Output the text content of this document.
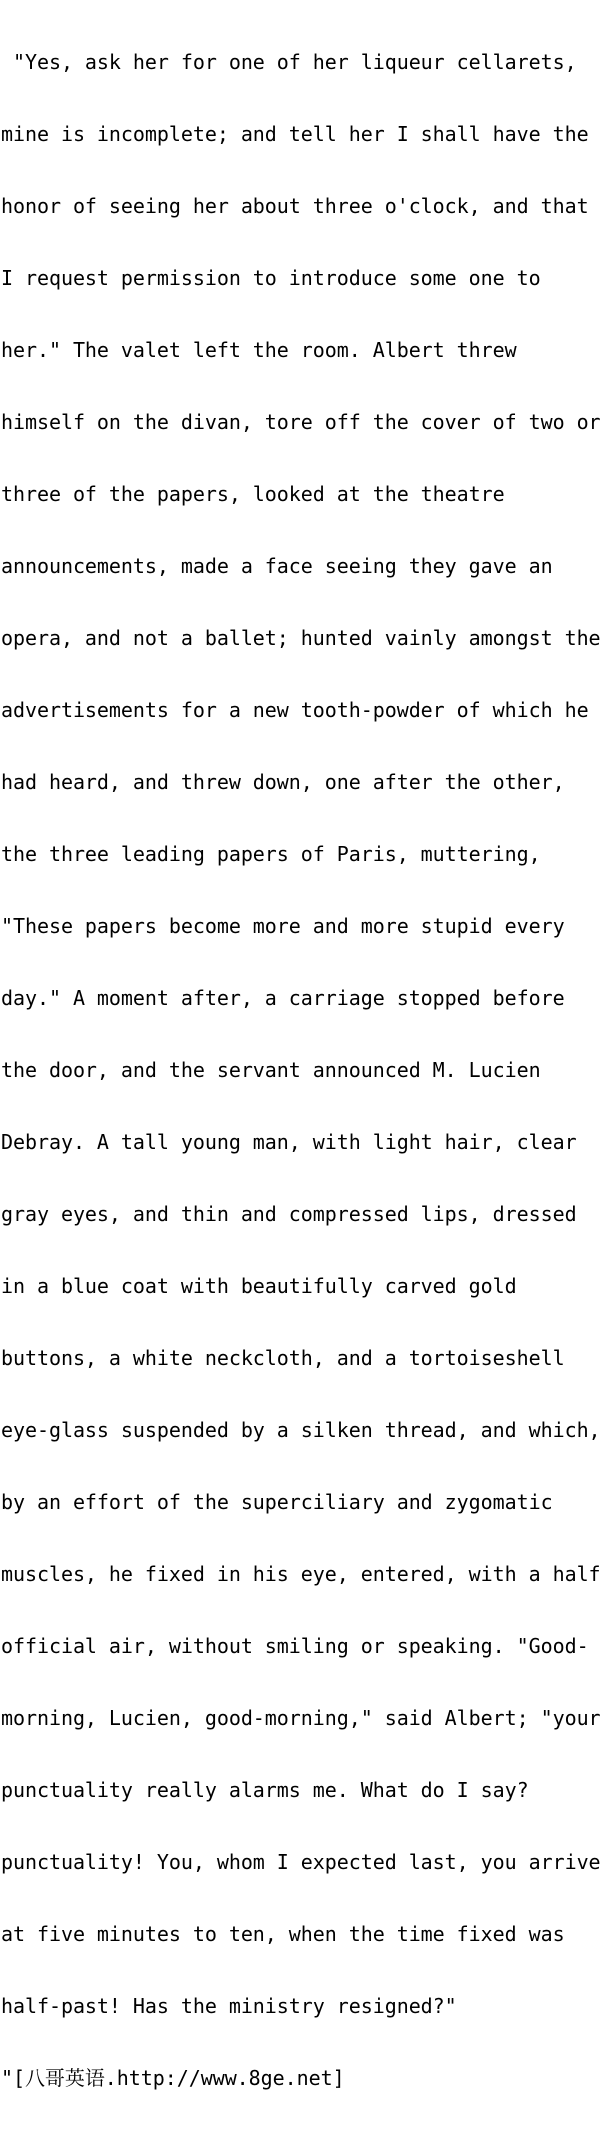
"Yes, ask her for one of her liqueur cellarets,

mine is incomplete; and tell her I shall have the

honor of seeing her about three o'clock, and that

I request permission to introduce some one to

her." The valet left the room. Albert threw

himself on the divan, tore off the cover of two or

three of the papers, looked at the theatre

announcements, made a face seeing they gave an

opera, and not a ballet; hunted vainly amongst the

advertisements for a new tooth-powder of which he

had heard, and threw down, one after the other,

the three leading papers of Paris, muttering,

"These papers become more and more stupid every

day." A moment after, a carriage stopped before

the door, and the servant announced M. Lucien

Debray. A tall young man, with light hair, clear

gray eyes, and thin and compressed lips, dressed

in a blue coat with beautifully carved gold

buttons, a white neckcloth, and a tortoiseshell

eye-glass suspended by a silken thread, and which,

by an effort of the superciliary and zygomatic

muscles, he fixed in his eye, entered, with a half

official air, without smiling or speaking. "Good-

morning, Lucien, good-morning," said Albert; "your

punctuality really alarms me. What do I say?

punctuality! You, whom I expected last, you arrive

at five minutes to ten, when the time fixed was

half-past! Has the ministry resigned?"

"[八哥英语.http://www.8ge.net]
